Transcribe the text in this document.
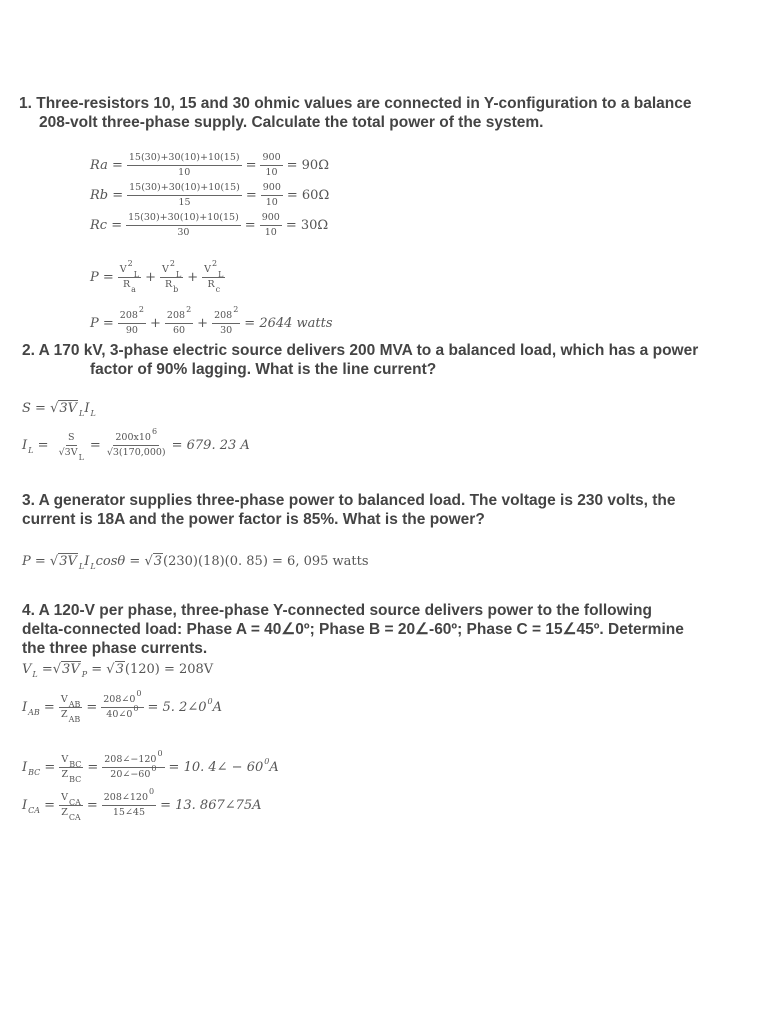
1. Three-resistors 10, 15 and 30 ohmic values are connected in Y-configuration to a balance

208-volt three-phase supply. Calculate the total power of the system.

$Ra = \frac{15(30)+30(10)+10(15)}{10} = \frac{900}{10} = 90\Omega$
$Rb = \frac{15(30)+30(10)+10(15)}{15} = \frac{900}{10} = 60\Omega$
$Rc = \frac{15(30)+30(10)+10(15)}{30} = \frac{900}{10} = 30\Omega$
$P = \frac{V^2_L}{R_a} + \frac{V^2_L}{R_b} + \frac{V^2_L}{R_c}$
$P = \frac{208^2}{90} + \frac{208^2}{60} + \frac{208^2}{30} = 2644$ watts

2. A 170 kV, 3-phase electric source delivers 200 MVA to a balanced load, which has a power

factor of 90% lagging. What is the line current?

S =
√3V L I L
I $L = \frac{S}{√3V_L} = \frac{200x10^6}{√3(170,000)} = 679$. 23 A

3. A generator supplies three-phase power to balanced load. The voltage is 230 volts, the

current is 18A and the power factor is 85%. What is the power?

P =
√3V L I L cosθ
=
√3 (230)(18)(0. 85) = 6, 095 watts

4. A 120-V per phase, three-phase Y-connected source delivers power to the following

delta-connected load: Phase A = 40∠0º; Phase B = 20∠-60º; Phase C = 15∠45º. Determine

the three phase currents.

V L
= √3V P
=
√3 (120) = 208V
I AB = $\frac{V_{AB}}{Z_{AB}} = \frac{208\angle 0^0}{40\angle 0^0} = 5$. 2∠0 0 A
I BC = $\frac{V_{BC}}{Z_{BC}} = \frac{208\angle-120^0}{20\angle-60^0} = 10$. 4∠ − 60 0 A
I CA = $\frac{V_{CA}}{Z_{CA}} = \frac{208\angle 120^0}{15\angle 45} = 13$. 867∠75A
